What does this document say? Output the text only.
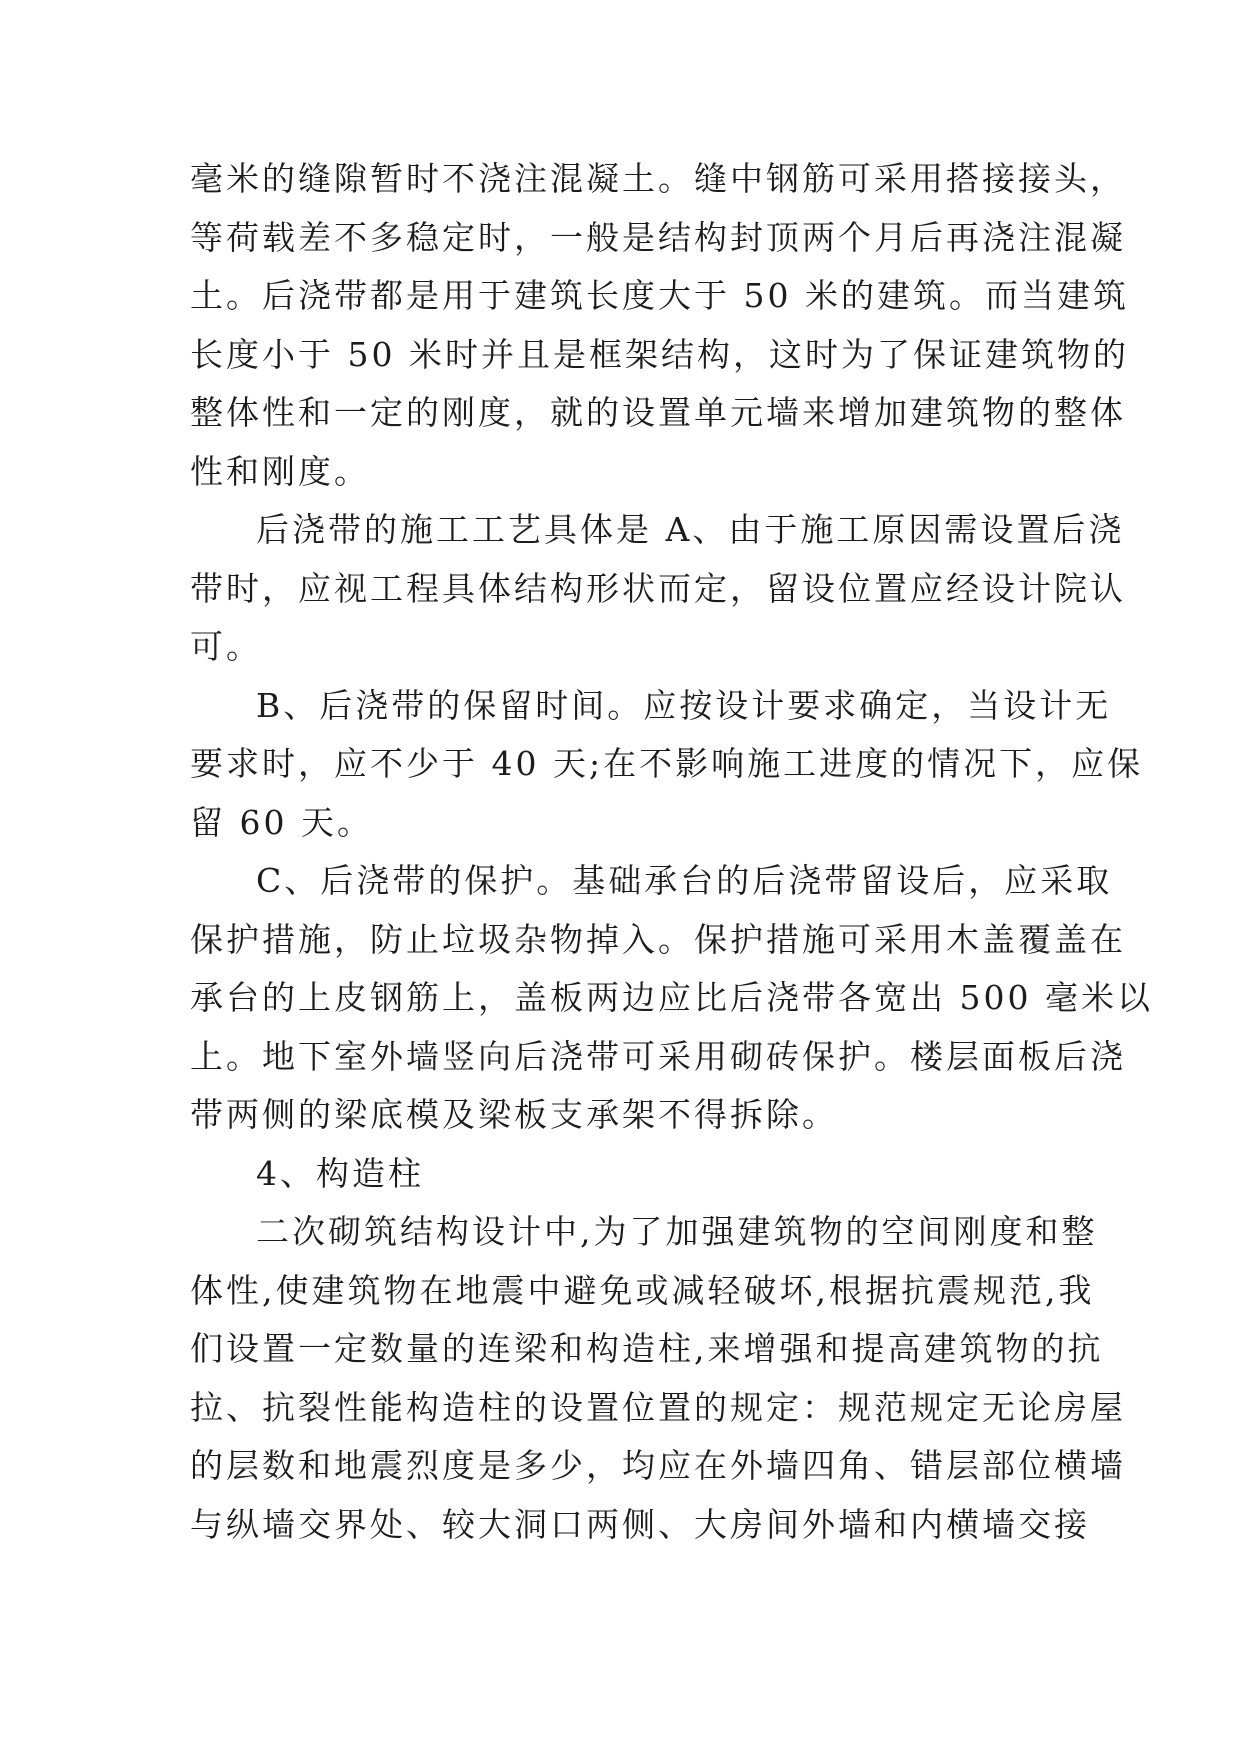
毫米的缝隙暂时不浇注混凝土。缝中钢筋可采用搭接接头，
等荷载差不多稳定时，一般是结构封顶两个月后再浇注混凝
土。后浇带都是用于建筑长度大于 50 米的建筑。而当建筑
长度小于 50 米时并且是框架结构，这时为了保证建筑物的
整体性和一定的刚度，就的设置单元墙来增加建筑物的整体
性和刚度。
后浇带的施工工艺具体是 A、由于施工原因需设置后浇
带时，应视工程具体结构形状而定，留设位置应经设计院认
可。
B、后浇带的保留时间。应按设计要求确定，当设计无
要求时，应不少于 40 天;在不影响施工进度的情况下，应保
留 60 天。
C、后浇带的保护。基础承台的后浇带留设后，应采取
保护措施，防止垃圾杂物掉入。保护措施可采用木盖覆盖在
承台的上皮钢筋上，盖板两边应比后浇带各宽出 500 毫米以
上。地下室外墙竖向后浇带可采用砌砖保护。楼层面板后浇
带两侧的梁底模及梁板支承架不得拆除。
4、构造柱
二次砌筑结构设计中,为了加强建筑物的空间刚度和整
体性,使建筑物在地震中避免或减轻破坏,根据抗震规范,我
们设置一定数量的连梁和构造柱,来增强和提高建筑物的抗
拉、抗裂性能构造柱的设置位置的规定：规范规定无论房屋
的层数和地震烈度是多少，均应在外墙四角、错层部位横墙
与纵墙交界处、较大洞口两侧、大房间外墙和内横墙交接
